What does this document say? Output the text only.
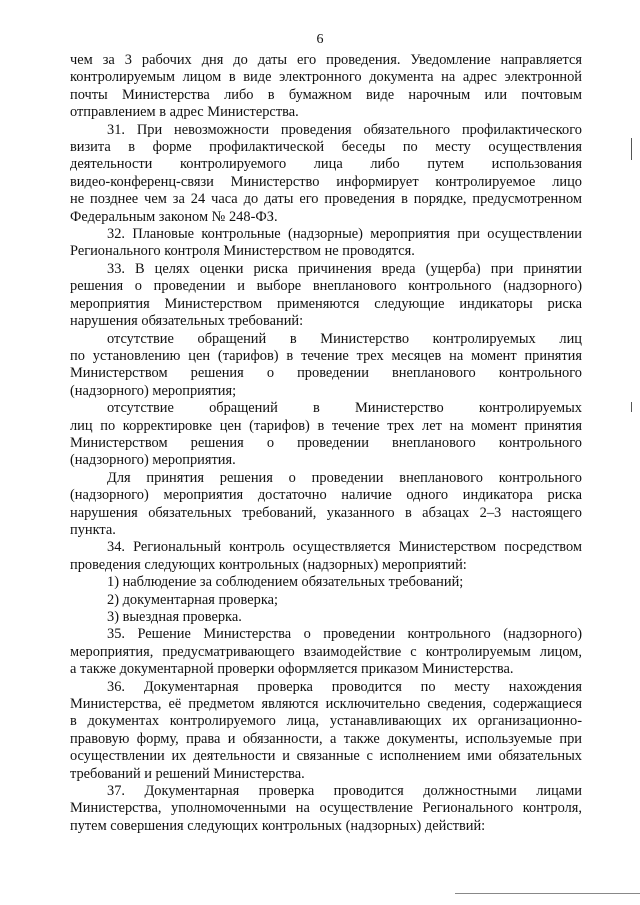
6

чем за 3 рабочих дня до даты его проведения. Уведомление направляется

контролируемым лицом в виде электронного документа на адрес электронной

почты Министерства либо в бумажном виде нарочным или почтовым

отправлением в адрес Министерства.

31. При невозможности проведения обязательного профилактического

визита в форме профилактической беседы по месту осуществления

деятельности контролируемого лица либо путем использования

видео-конференц-связи Министерство информирует контролируемое лицо

не позднее чем за 24 часа до даты его проведения в порядке, предусмотренном

Федеральным законом № 248-ФЗ.

32. Плановые контрольные (надзорные) мероприятия при осуществлении

Регионального контроля Министерством не проводятся.

33. В целях оценки риска причинения вреда (ущерба) при принятии

решения о проведении и выборе внепланового контрольного (надзорного)

мероприятия Министерством применяются следующие индикаторы риска

нарушения обязательных требований:

отсутствие обращений в Министерство контролируемых лиц

по установлению цен (тарифов) в течение трех месяцев на момент принятия

Министерством решения о проведении внепланового контрольного

(надзорного) мероприятия;

отсутствие обращений в Министерство контролируемых

лиц по корректировке цен (тарифов) в течение трех лет на момент принятия

Министерством решения о проведении внепланового контрольного

(надзорного) мероприятия.

Для принятия решения о проведении внепланового контрольного

(надзорного) мероприятия достаточно наличие одного индикатора риска

нарушения обязательных требований, указанного в абзацах 2–3 настоящего

пункта.

34. Региональный контроль осуществляется Министерством посредством

проведения следующих контрольных (надзорных) мероприятий:

1) наблюдение за соблюдением обязательных требований;

2) документарная проверка;

3) выездная проверка.

35. Решение Министерства о проведении контрольного (надзорного)

мероприятия, предусматривающего взаимодействие с контролируемым лицом,

а также документарной проверки оформляется приказом Министерства.

36. Документарная проверка проводится по месту нахождения

Министерства, её предметом являются исключительно сведения, содержащиеся

в документах контролируемого лица, устанавливающих их организационно-

правовую форму, права и обязанности, а также документы, используемые при

осуществлении их деятельности и связанные с исполнением ими обязательных

требований и решений Министерства.

37. Документарная проверка проводится должностными лицами

Министерства, уполномоченными на осуществление Регионального контроля,

путем совершения следующих контрольных (надзорных) действий:
